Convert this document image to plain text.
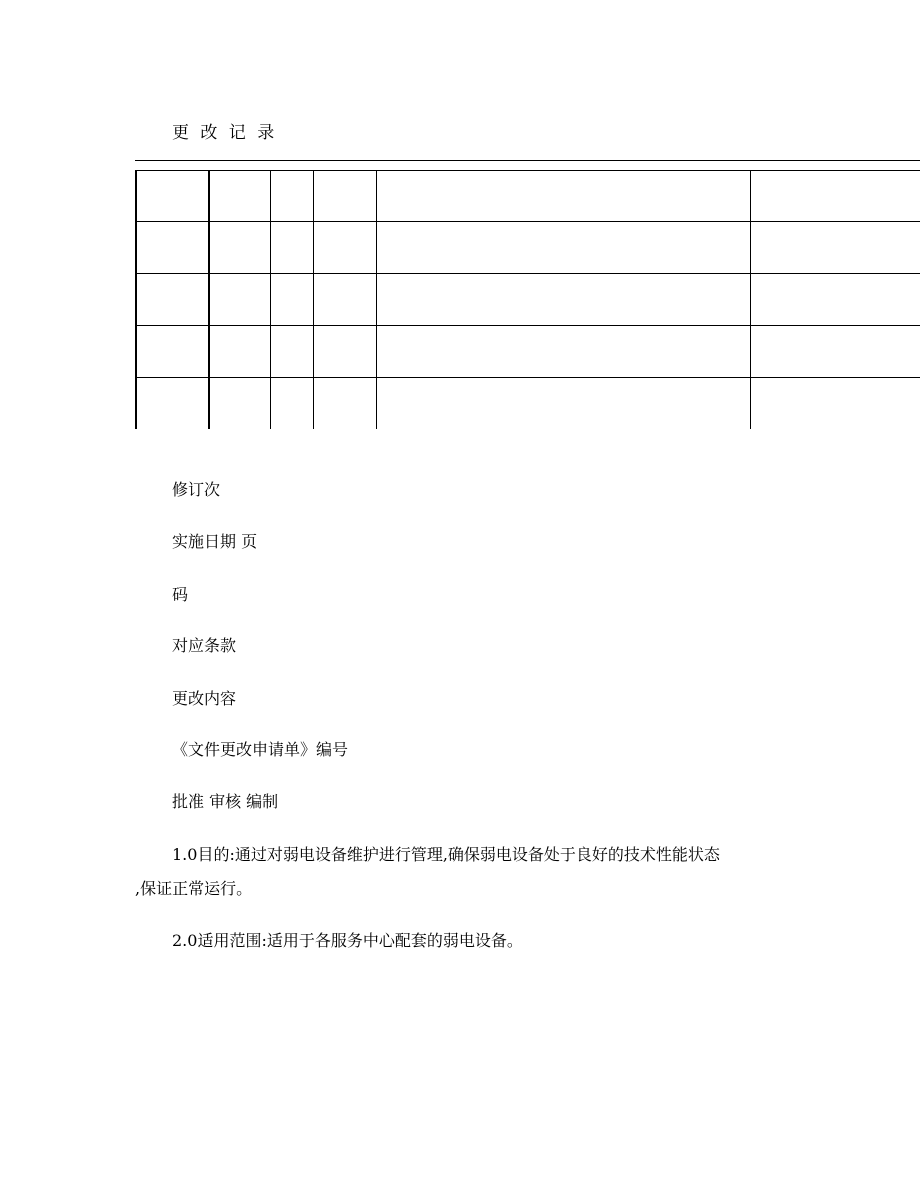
更 改 记 录
修订次
实施日期 页
码
对应条款
更改内容
《文件更改申请单》编号
批准 审核 编制
1.0目的:通过对弱电设备维护进行管理,确保弱电设备处于良好的技术性能状态
,保证正常运行。
2.0适用范围:适用于各服务中心配套的弱电设备。
